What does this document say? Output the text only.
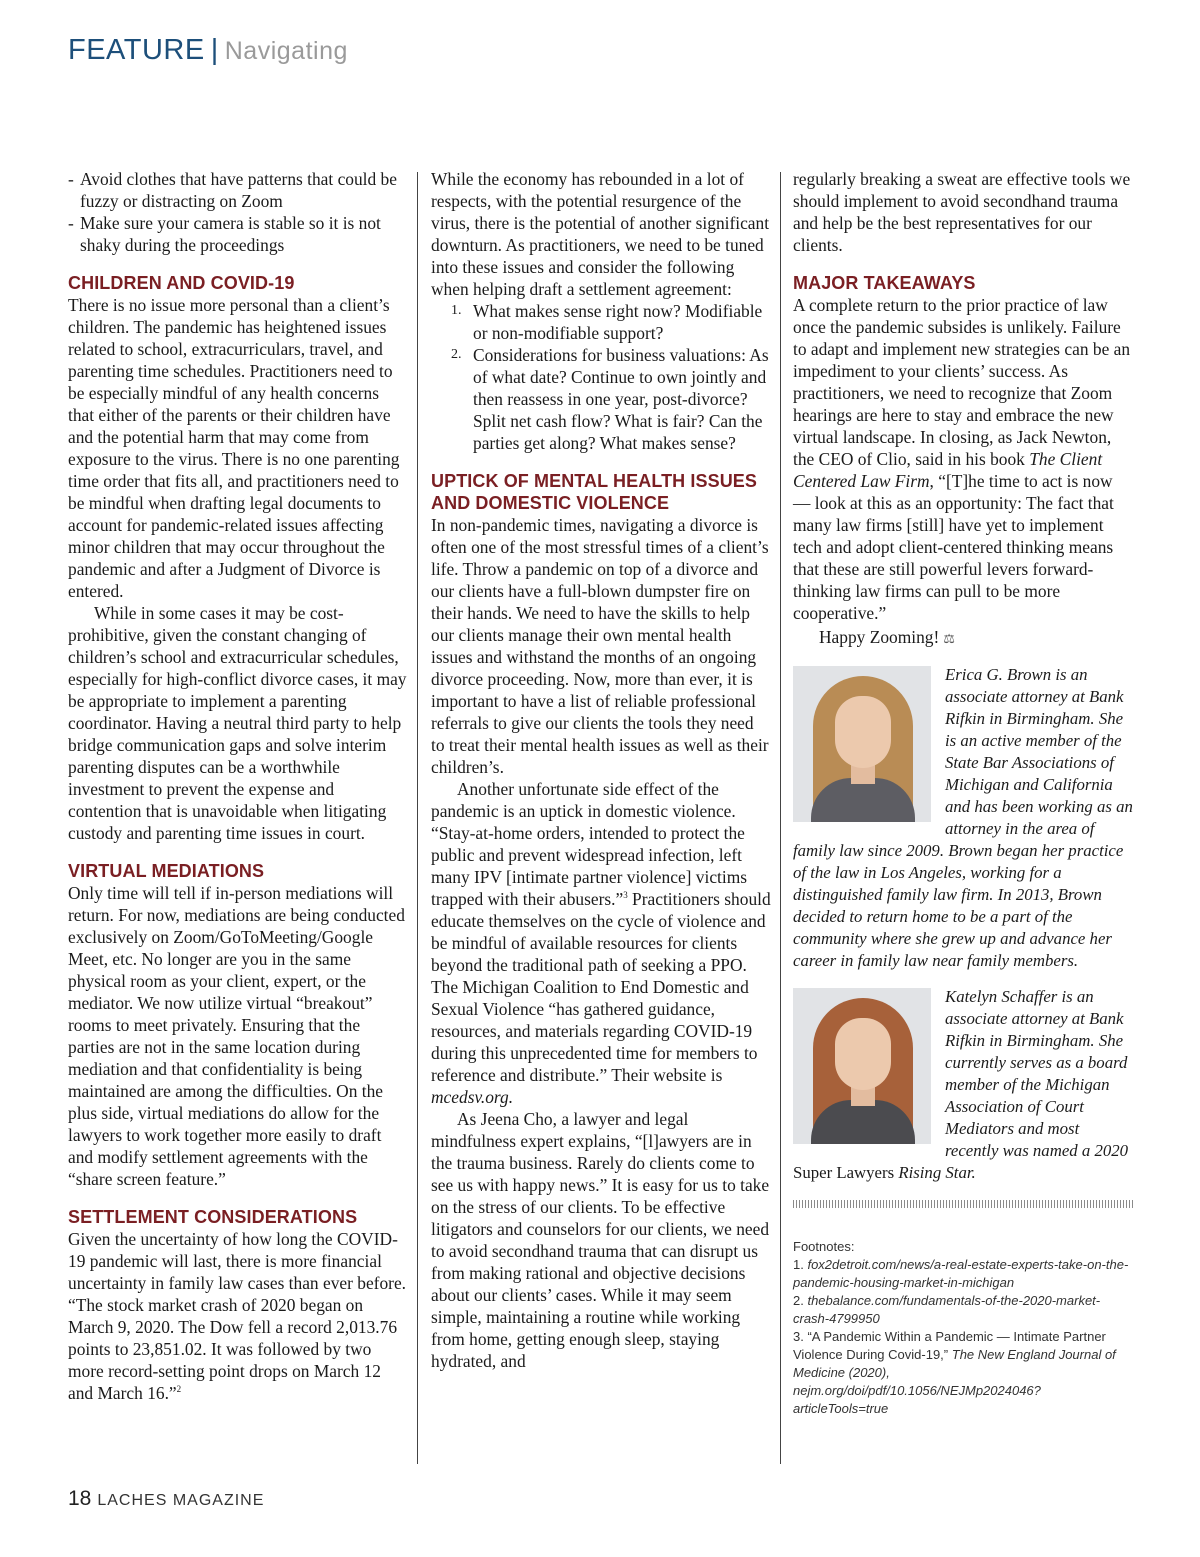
FEATURE | Navigating
- Avoid clothes that have patterns that could be fuzzy or distracting on Zoom
- Make sure your camera is stable so it is not shaky during the proceedings
CHILDREN AND COVID-19

There is no issue more personal than a client’s children. The pandemic has heightened issues related to school, extracurriculars, travel, and parenting time schedules. Practitioners need to be especially mindful of any health concerns that either of the parents or their children have and the potential harm that may come from exposure to the virus. There is no one parenting time order that fits all, and practitioners need to be mindful when drafting legal documents to account for pandemic-related issues affecting minor children that may occur throughout the pandemic and after a Judgment of Divorce is entered.

While in some cases it may be cost-prohibitive, given the constant changing of children’s school and extracurricular schedules, especially for high-conflict divorce cases, it may be appropriate to implement a parenting coordinator. Having a neutral third party to help bridge communication gaps and solve interim parenting disputes can be a worthwhile investment to prevent the expense and contention that is unavoidable when litigating custody and parenting time issues in court.

VIRTUAL MEDIATIONS

Only time will tell if in-person mediations will return. For now, mediations are being conducted exclusively on Zoom/GoToMeeting/Google Meet, etc. No longer are you in the same physical room as your client, expert, or the mediator. We now utilize virtual “breakout” rooms to meet privately. Ensuring that the parties are not in the same location during mediation and that confidentiality is being maintained are among the difficulties. On the plus side, virtual mediations do allow for the lawyers to work together more easily to draft and modify settlement agreements with the “share screen feature.”

SETTLEMENT CONSIDERATIONS

Given the uncertainty of how long the COVID-19 pandemic will last, there is more financial uncertainty in family law cases than ever before. “The stock market crash of 2020 began on March 9, 2020. The Dow fell a record 2,013.76 points to 23,851.02. It was followed by two more record-setting point drops on March 12 and March 16.”$^2$

While the economy has rebounded in a lot of respects, with the potential resurgence of the virus, there is the potential of another significant downturn. As practitioners, we need to be tuned into these issues and consider the following when helping draft a settlement agreement:

1. What makes sense right now? Modifiable or non-modifiable support?
2. Considerations for business valuations: As of what date? Continue to own jointly and then reassess in one year, post-divorce? Split net cash flow? What is fair? Can the parties get along? What makes sense?
UPTICK OF MENTAL HEALTH ISSUES AND DOMESTIC VIOLENCE

In non-pandemic times, navigating a divorce is often one of the most stressful times of a client’s life. Throw a pandemic on top of a divorce and our clients have a full-blown dumpster fire on their hands. We need to have the skills to help our clients manage their own mental health issues and withstand the months of an ongoing divorce proceeding. Now, more than ever, it is important to have a list of reliable professional referrals to give our clients the tools they need to treat their mental health issues as well as their children’s.

Another unfortunate side effect of the pandemic is an uptick in domestic violence. “Stay-at-home orders, intended to protect the public and prevent widespread infection, left many IPV [intimate partner violence] victims trapped with their abusers.”$^3$ Practitioners should educate themselves on the cycle of violence and be mindful of available resources for clients beyond the traditional path of seeking a PPO. The Michigan Coalition to End Domestic and Sexual Violence “has gathered guidance, resources, and materials regarding COVID-19 during this unprecedented time for members to reference and distribute.” Their website is mcedsv.org.

As Jeena Cho, a lawyer and legal mindfulness expert explains, “[l]awyers are in the trauma business. Rarely do clients come to see us with happy news.” It is easy for us to take on the stress of our clients. To be effective litigators and counselors for our clients, we need to avoid secondhand trauma that can disrupt us from making rational and objective decisions about our clients’ cases. While it may seem simple, maintaining a routine while working from home, getting enough sleep, staying hydrated, and

regularly breaking a sweat are effective tools we should implement to avoid secondhand trauma and help be the best representatives for our clients.

MAJOR TAKEAWAYS

A complete return to the prior practice of law once the pandemic subsides is unlikely. Failure to adapt and implement new strategies can be an impediment to your clients’ success. As practitioners, we need to recognize that Zoom hearings are here to stay and embrace the new virtual landscape. In closing, as Jack Newton, the CEO of Clio, said in his book The Client Centered Law Firm, “[T]he time to act is now — look at this as an opportunity: The fact that many law firms [still] have yet to implement tech and adopt client-centered thinking means that these are still powerful levers forward-thinking law firms can pull to be more cooperative.”

Happy Zooming! ⚖

Erica G. Brown is an associate attorney at Bank Rifkin in Birmingham. She is an active member of the State Bar Associations of Michigan and California and has been working as an attorney in the area of family law since 2009. Brown began her practice of the law in Los Angeles, working for a distinguished family law firm. In 2013, Brown decided to return home to be a part of the community where she grew up and advance her career in family law near family members.
Katelyn Schaffer is an associate attorney at Bank Rifkin in Birmingham. She currently serves as a board member of the Michigan Association of Court Mediators and most recently was named a 2020 Super Lawyers Rising Star.
Footnotes:
1. fox2detroit.com/news/a-real-estate-experts-take-on-the-pandemic-housing-market-in-michigan
2. thebalance.com/fundamentals-of-the-2020-market-crash-4799950
3. “A Pandemic Within a Pandemic — Intimate Partner Violence During Covid-19,” The New England Journal of Medicine (2020), nejm.org/doi/pdf/10.1056/NEJMp2024046?articleTools=true
18 LACHES MAGAZINE
